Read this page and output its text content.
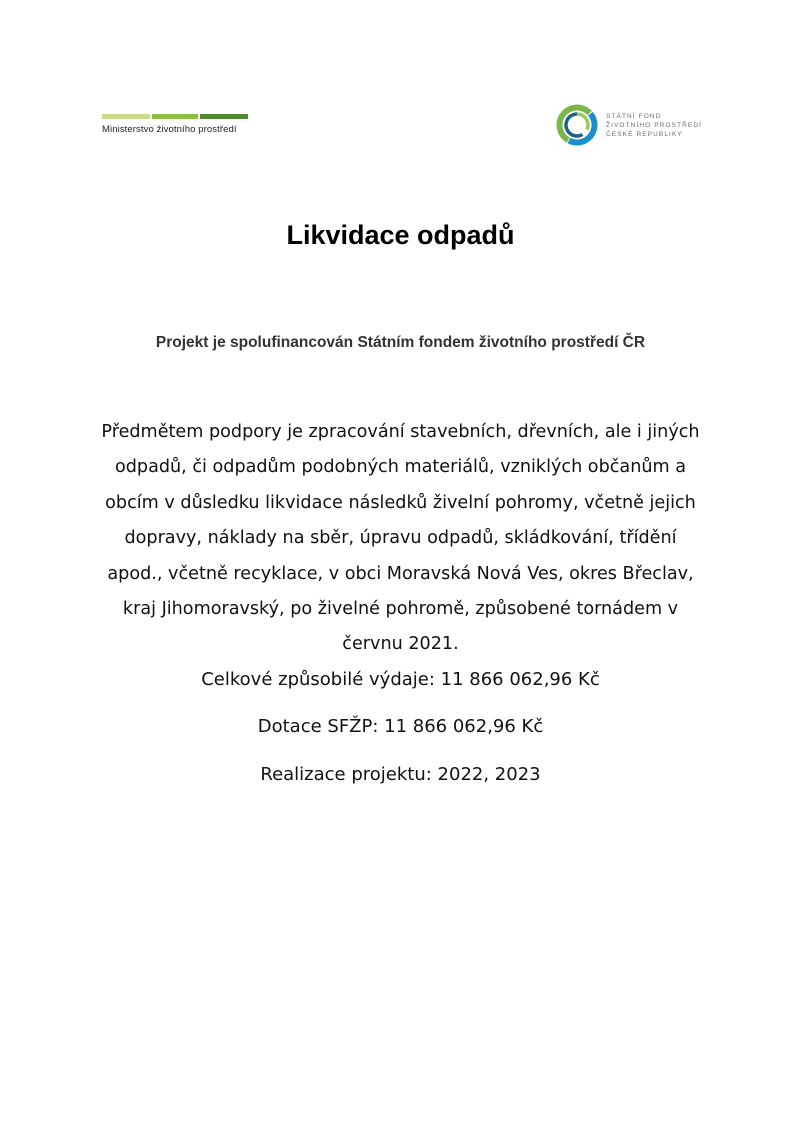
Ministerstvo životního prostředí
STÁTNÍ FOND
ŽIVOTNÍHO PROSTŘEDÍ
ČESKÉ REPUBLIKY
Likvidace odpadů

Projekt je spolufinancován Státním fondem životního prostředí ČR

Předmětem podpory je zpracování stavebních, dřevních, ale i jiných odpadů, či odpadům podobných materiálů, vzniklých občanům a obcím v důsledku likvidace následků živelní pohromy, včetně jejich dopravy, náklady na sběr, úpravu odpadů, skládkování, třídění apod., včetně recyklace, v obci Moravská Nová Ves, okres Břeclav, kraj Jihomoravský, po živelné pohromě, způsobené tornádem v červnu 2021.

Celkové způsobilé výdaje: 11 866 062,96 Kč

Dotace SFŽP: 11 866 062,96 Kč

Realizace projektu: 2022, 2023
